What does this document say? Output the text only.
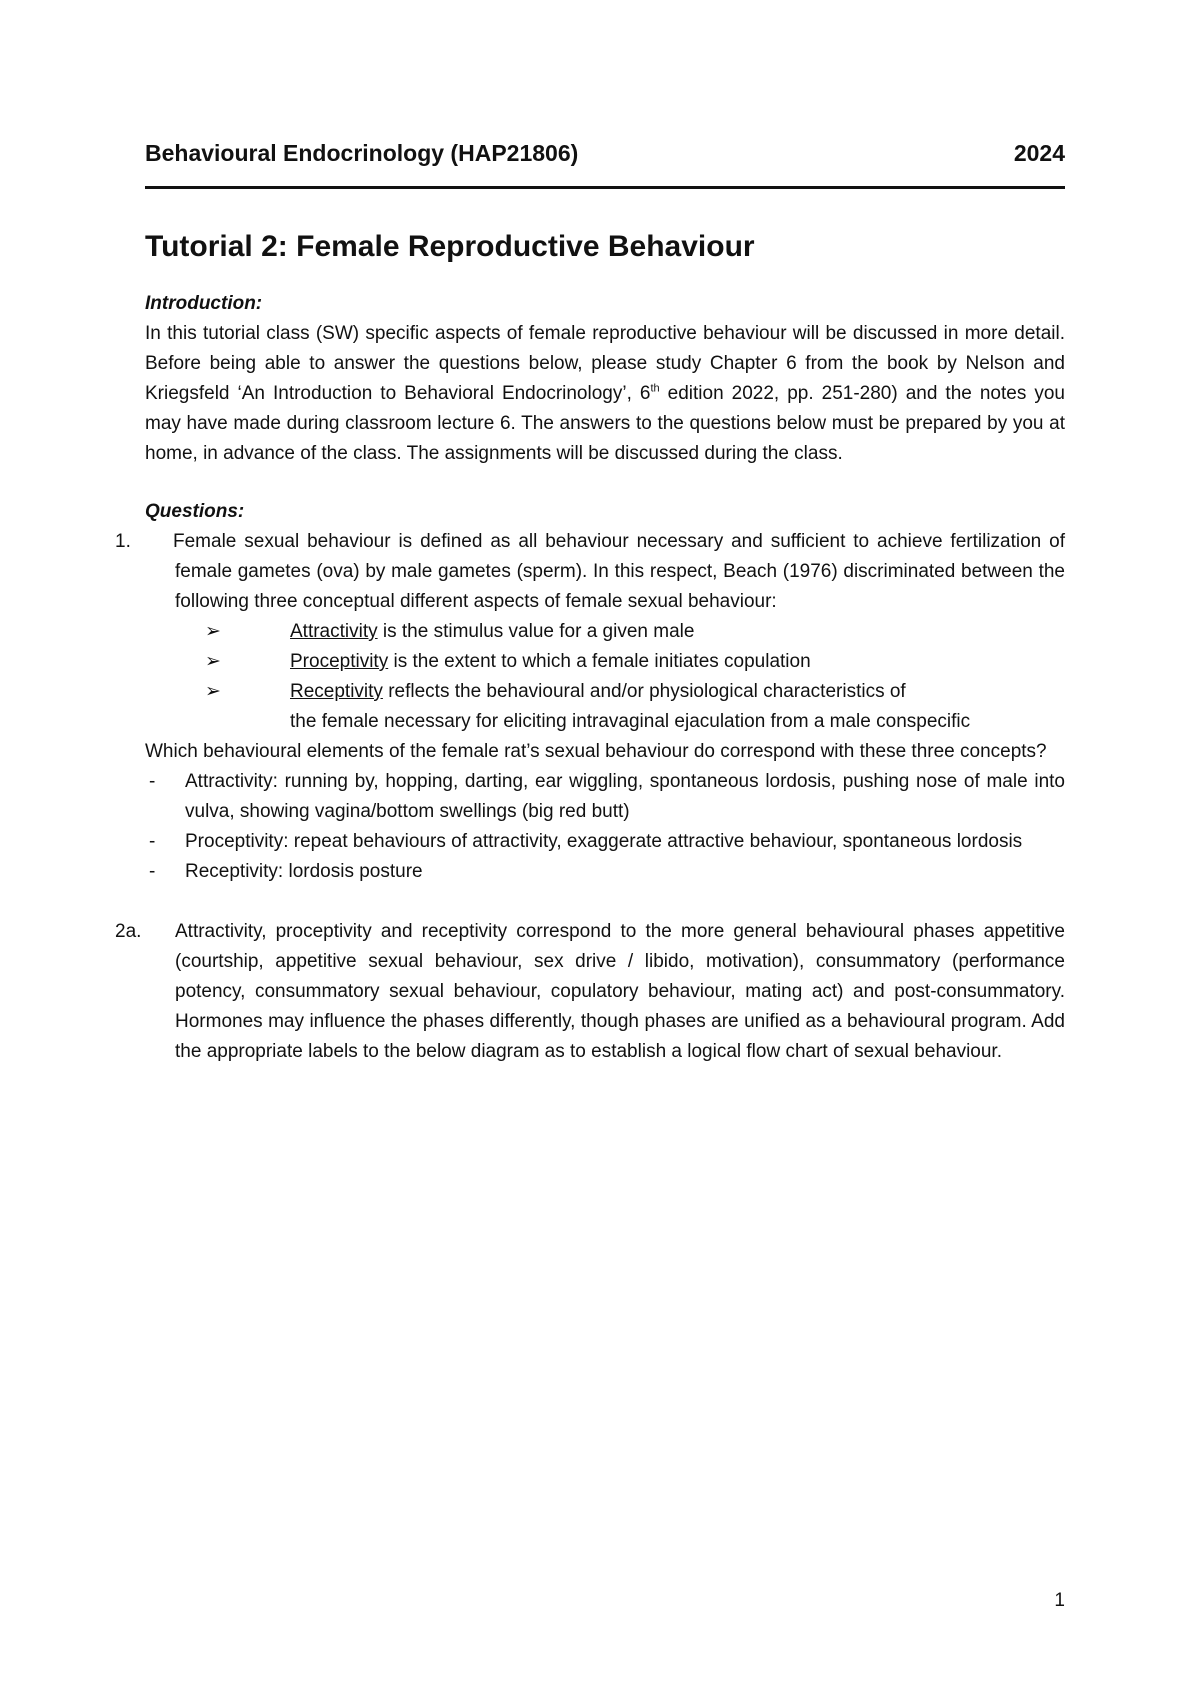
Behavioural Endocrinology (HAP21806)	2024
Tutorial 2: Female Reproductive Behaviour
Introduction:

In this tutorial class (SW) specific aspects of female reproductive behaviour will be discussed in more detail. Before being able to answer the questions below, please study Chapter 6 from the book by Nelson and Kriegsfeld ‘An Introduction to Behavioral Endocrinology’, 6th edition 2022, pp. 251-280) and the notes you may have made during classroom lecture 6. The answers to the questions below must be prepared by you at home, in advance of the class. The assignments will be discussed during the class.

Questions:

1. Female sexual behaviour is defined as all behaviour necessary and sufficient to achieve fertilization of female gametes (ova) by male gametes (sperm). In this respect, Beach (1976) discriminated between the following three conceptual different aspects of female sexual behaviour:

➢	Attractivity is the stimulus value for a given male
➢	Proceptivity is the extent to which a female initiates copulation
➢	Receptivity reflects the behavioural and/or physiological characteristics of
the female necessary for eliciting intravaginal ejaculation from a male conspecific

Which behavioural elements of the female rat’s sexual behaviour do correspond with these three concepts?

-	Attractivity: running by, hopping, darting, ear wiggling, spontaneous lordosis, pushing nose of male into vulva, showing vagina/bottom swellings (big red butt)
-	Proceptivity: repeat behaviours of attractivity, exaggerate attractive behaviour, spontaneous lordosis
-	Receptivity: lordosis posture

2a. Attractivity, proceptivity and receptivity correspond to the more general behavioural phases appetitive (courtship, appetitive sexual behaviour, sex drive / libido, motivation), consummatory (performance potency, consummatory sexual behaviour, copulatory behaviour, mating act) and post-consummatory. Hormones may influence the phases differently, though phases are unified as a behavioural program. Add the appropriate labels to the below diagram as to establish a logical flow chart of sexual behaviour.

1
